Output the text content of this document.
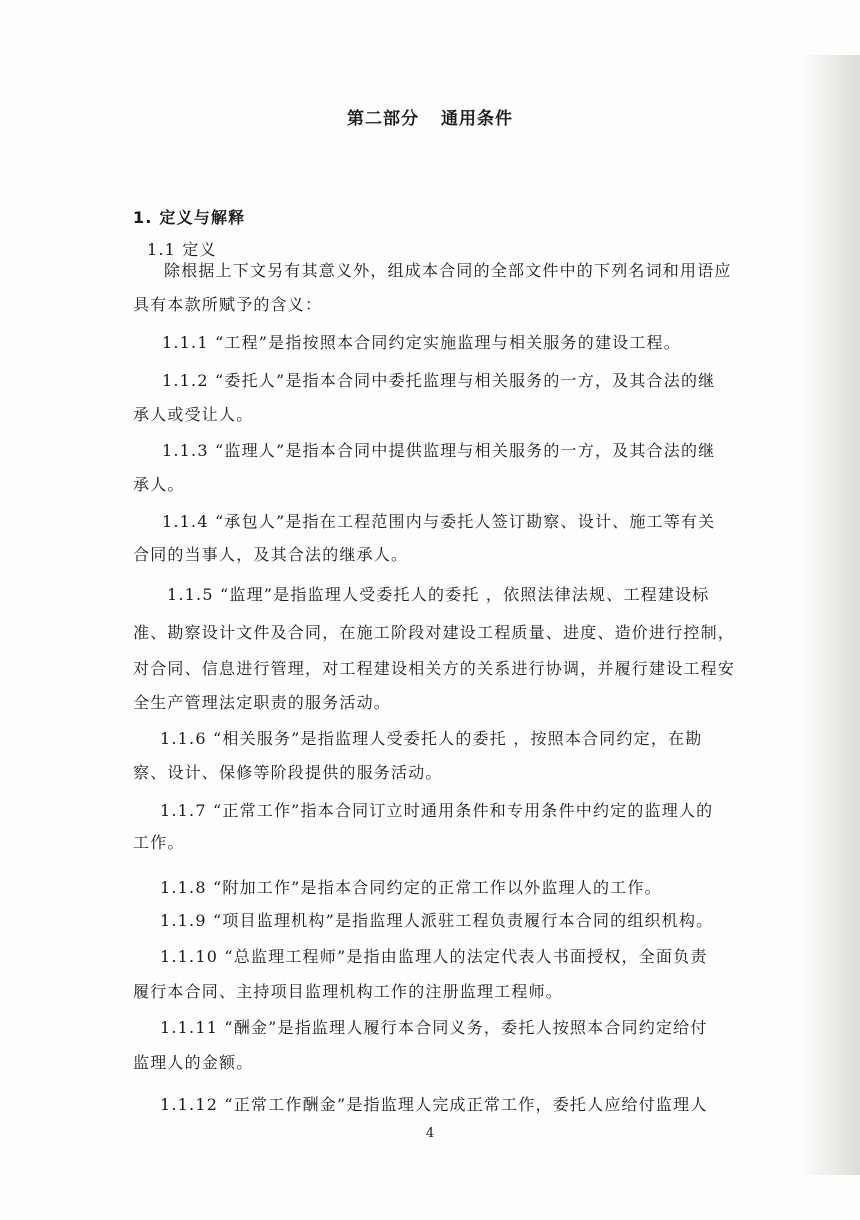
第二部分 通用条件
1. 定义与解释
1.1 定义
除根据上下文另有其意义外，组成本合同的全部文件中的下列名词和用语应
具有本款所赋予的含义：
1.1.1 “工程”是指按照本合同约定实施监理与相关服务的建设工程。
1.1.2 “委托人”是指本合同中委托监理与相关服务的一方，及其合法的继
承人或受让人。
1.1.3 “监理人”是指本合同中提供监理与相关服务的一方，及其合法的继
承人。
1.1.4 “承包人”是指在工程范围内与委托人签订勘察、设计、施工等有关
合同的当事人，及其合法的继承人。
1.1.5 “监理”是指监理人受委托人的委托 ，依照法律法规、工程建设标
准、勘察设计文件及合同，在施工阶段对建设工程质量、进度、造价进行控制，
对合同、信息进行管理，对工程建设相关方的关系进行协调，并履行建设工程安
全生产管理法定职责的服务活动。
1.1.6 “相关服务”是指监理人受委托人的委托 ，按照本合同约定，在勘
察、设计、保修等阶段提供的服务活动。
1.1.7 “正常工作”指本合同订立时通用条件和专用条件中约定的监理人的
工作。
1.1.8 “附加工作”是指本合同约定的正常工作以外监理人的工作。
1.1.9 “项目监理机构”是指监理人派驻工程负责履行本合同的组织机构。
1.1.10 “总监理工程师”是指由监理人的法定代表人书面授权，全面负责
履行本合同、主持项目监理机构工作的注册监理工程师。
1.1.11 “酬金”是指监理人履行本合同义务，委托人按照本合同约定给付
监理人的金额。
1.1.12 “正常工作酬金”是指监理人完成正常工作，委托人应给付监理人
4
